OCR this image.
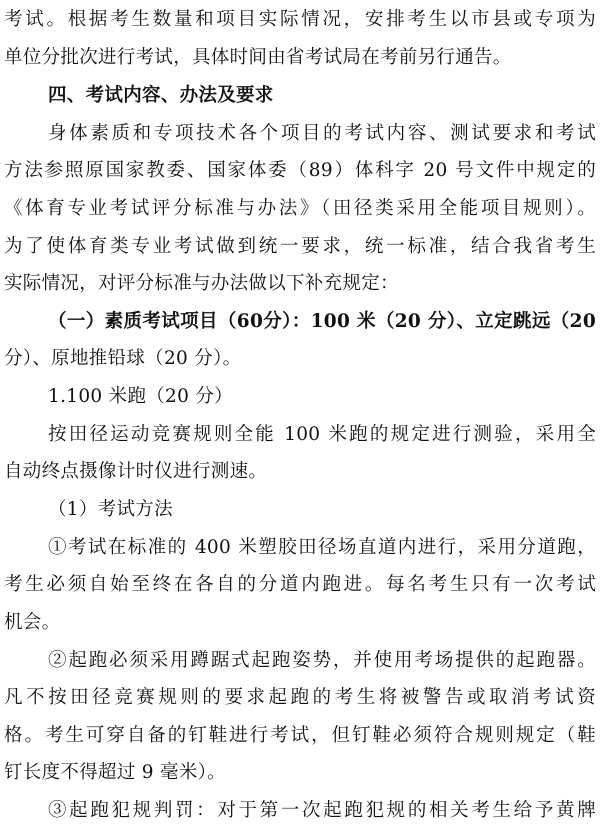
考试。根据考生数量和项目实际情况，安排考生以市县或专项为
单位分批次进行考试，具体时间由省考试局在考前另行通告。
四、考试内容、办法及要求
身体素质和专项技术各个项目的考试内容、测试要求和考试
方法参照原国家教委、国家体委（89）体科字 20 号文件中规定的
《体育专业考试评分标准与办法》（田径类采用全能项目规则）。
为了使体育类专业考试做到统一要求，统一标准，结合我省考生
实际情况，对评分标准与办法做以下补充规定：
（一）素质考试项目（60分）：100 米（20 分）、立定跳远（20
分）、原地推铅球（20 分）。
1.100 米跑（20 分）
按田径运动竞赛规则全能 100 米跑的规定进行测验，采用全
自动终点摄像计时仪进行测速。
（1）考试方法
①考试在标准的 400 米塑胶田径场直道内进行，采用分道跑，
考生必须自始至终在各自的分道内跑进。每名考生只有一次考试
机会。
②起跑必须采用蹲踞式起跑姿势，并使用考场提供的起跑器。
凡不按田径竞赛规则的要求起跑的考生将被警告或取消考试资
格。考生可穿自备的钉鞋进行考试，但钉鞋必须符合规则规定（鞋
钉长度不得超过 9 毫米）。
③起跑犯规判罚：对于第一次起跑犯规的相关考生给予黄牌
